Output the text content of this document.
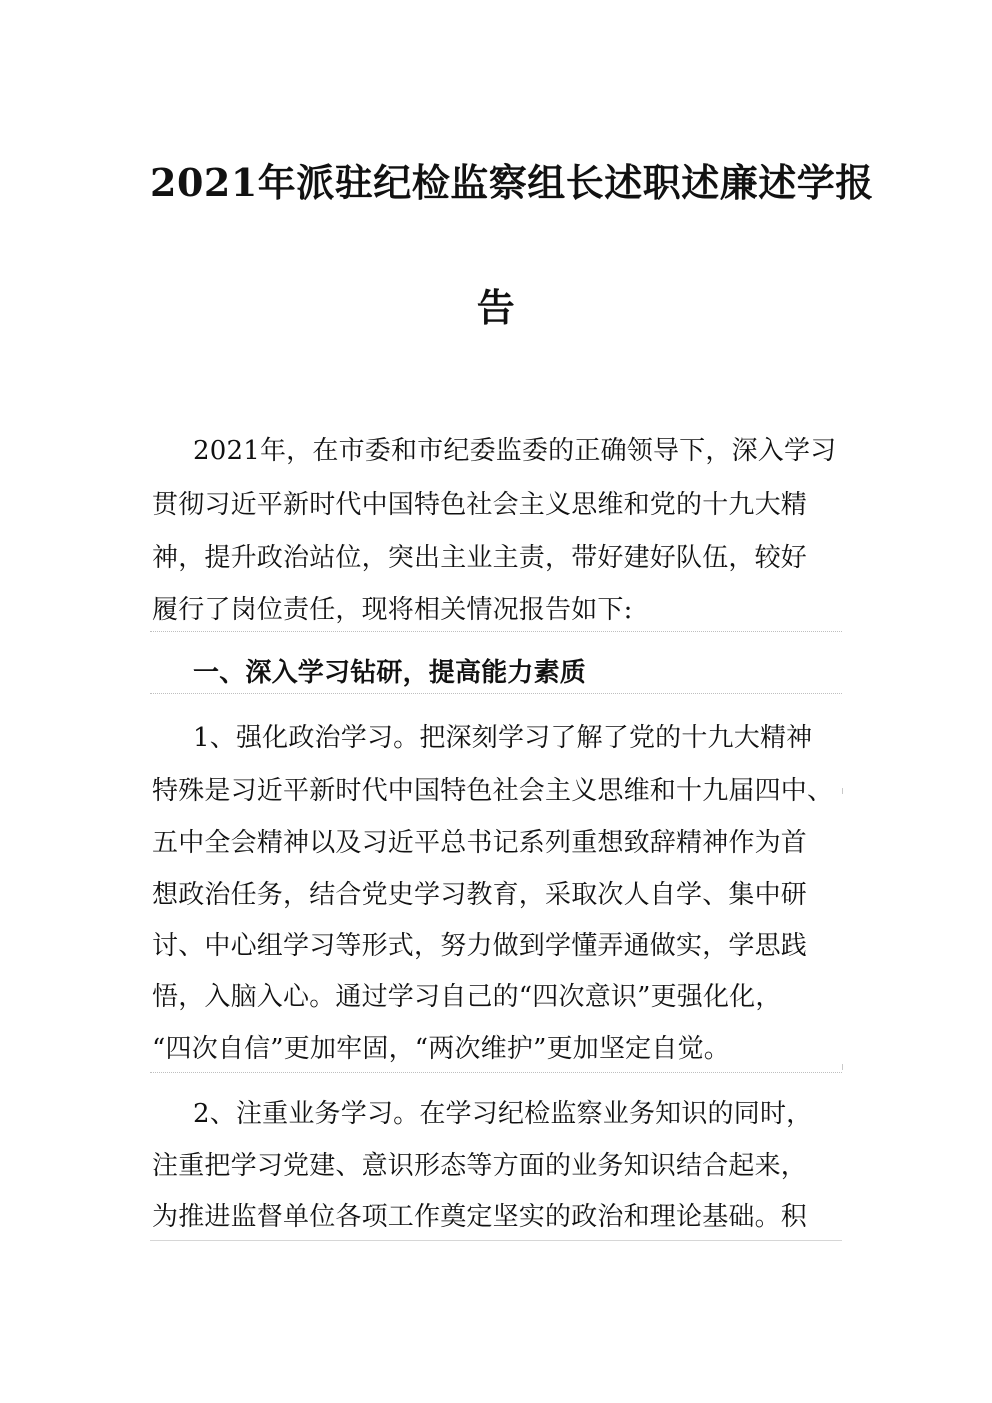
2021年派驻纪检监察组长述职述廉述学报
告
2021年，在市委和市纪委监委的正确领导下，深入学习
贯彻习近平新时代中国特色社会主义思维和党的十九大精
神，提升政治站位，突出主业主责，带好建好队伍，较好
履行了岗位责任，现将相关情况报告如下:
一、深入学习钻研，提高能力素质
1、强化政治学习。把深刻学习了解了党的十九大精神
特殊是习近平新时代中国特色社会主义思维和十九届四中、
五中全会精神以及习近平总书记系列重想致辞精神作为首
想政治任务，结合党史学习教育，采取次人自学、集中研
讨、中心组学习等形式，努力做到学懂弄通做实，学思践
悟，入脑入心。通过学习自己的“四次意识”更强化化，
“四次自信”更加牢固，“两次维护”更加坚定自觉。
2、注重业务学习。在学习纪检监察业务知识的同时，
注重把学习党建、意识形态等方面的业务知识结合起来，
为推进监督单位各项工作奠定坚实的政治和理论基础。积
